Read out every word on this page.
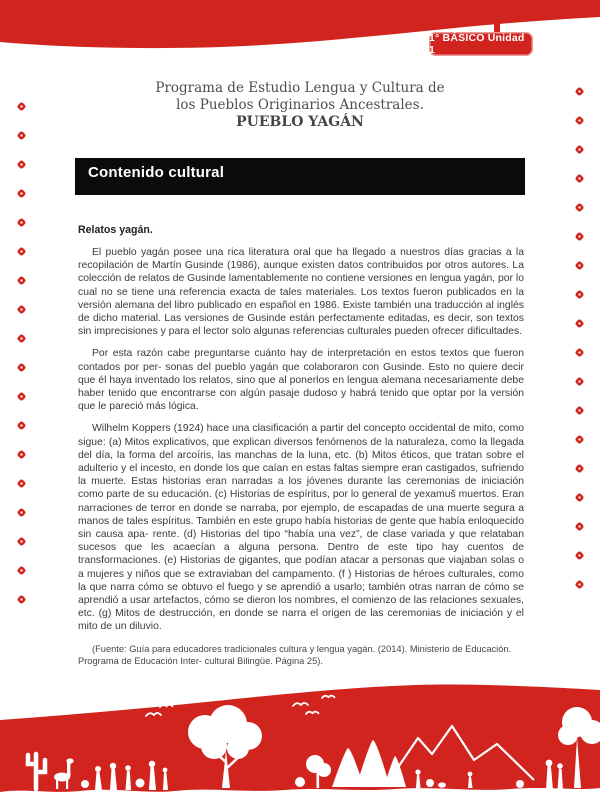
1° BÁSICO Unidad 1
Programa de Estudio Lengua y Cultura de
los Pueblos Originarios Ancestrales.
PUEBLO YAGÁN
Contenido cultural
Relatos yagán.

El pueblo yagán posee una rica literatura oral que ha llegado a nuestros días gracias a la recopilación de Martín Gusinde (1986), aunque existen datos contribuidos por otros autores. La colección de relatos de Gusinde lamentablemente no contiene versiones en lengua yagán, por lo cual no se tiene una referencia exacta de tales materiales. Los textos fueron publicados en la versión alemana del libro publicado en español en 1986. Existe también una traducción al inglés de dicho material. Las versiones de Gusinde están perfectamente editadas, es decir, son textos sin imprecisiones y para el lector solo algunas referencias culturales pueden ofrecer dificultades.

Por esta razón cabe preguntarse cuánto hay de interpretación en estos textos que fueron contados por per- sonas del pueblo yagán que colaboraron con Gusinde. Esto no quiere decir que él haya inventado los relatos, sino que al ponerlos en lengua alemana necesariamente debe haber tenido que encontrarse con algún pasaje dudoso y habrá tenido que optar por la versión que le pareció más lógica.

Wilhelm Koppers (1924) hace una clasificación a partir del concepto occidental de mito, como sigue: (a) Mitos explicativos, que explican diversos fenómenos de la naturaleza, como la llegada del día, la forma del arcoíris, las manchas de la luna, etc. (b) Mitos éticos, que tratan sobre el adulterio y el incesto, en donde los que caían en estas faltas siempre eran castigados, sufriendo la muerte. Estas historias eran narradas a los jóvenes durante las ceremonias de iniciación como parte de su educación. (c) Historias de espíritus, por lo general de yexamuš muertos. Eran narraciones de terror en donde se narraba, por ejemplo, de escapadas de una muerte segura a manos de tales espíritus. También en este grupo había historias de gente que había enloquecido sin causa apa- rente. (d) Historias del tipo “había una vez”, de clase variada y que relataban sucesos que les acaecían a alguna persona. Dentro de este tipo hay cuentos de transformaciones. (e) Historias de gigantes, que podían atacar a personas que viajaban solas o a mujeres y niños que se extraviaban del campamento. (f ) Historias de héroes culturales, como la que narra cómo se obtuvo el fuego y se aprendió a usarlo; también otras narran de cómo se aprendió a usar artefactos, cómo se dieron los nombres, el comienzo de las relaciones sexuales, etc. (g) Mitos de destrucción, en donde se narra el origen de las ceremonias de iniciación y el mito de un diluvio.

(Fuente: Guía para educadores tradicionales cultura y lengua yagán. (2014). Ministerio de Educación. Programa de Educación Inter- cultural Bilingüe. Página 25).
